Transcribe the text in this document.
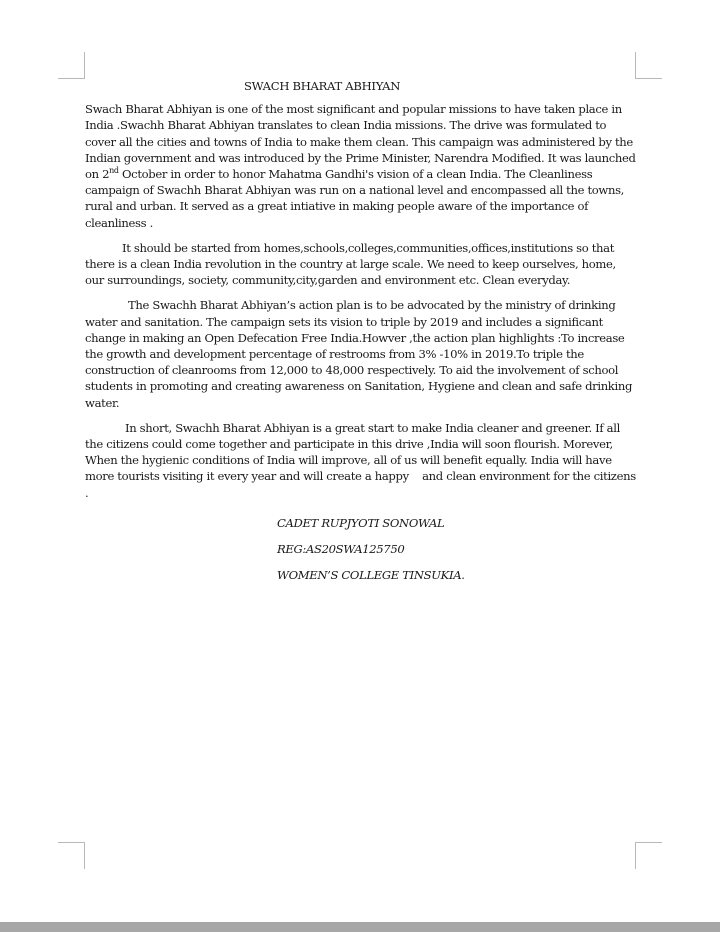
SWACH BHARAT ABHIYAN

Swach Bharat Abhiyan is one of the most significant and popular missions to have taken place in India .Swachh Bharat Abhiyan translates to clean India missions. The drive was formulated to cover all the cities and towns of India to make them clean. This campaign was administered by the Indian government and was introduced by the Prime Minister, Narendra Modified. It was launched on 2nd October in order to honor Mahatma Gandhi's vision of a clean India. The Cleanliness campaign of Swachh Bharat Abhiyan was run on a national level and encompassed all the towns, rural and urban. It served as a great intiative in making people aware of the importance of cleanliness .

It should be started from homes,schools,colleges,communities,offices,institutions so that there is a clean India revolution in the country at large scale. We need to keep ourselves, home, our surroundings, society, community,city,garden and environment etc. Clean everyday.

The Swachh Bharat Abhiyan’s action plan is to be advocated by the ministry of drinking water and sanitation. The campaign sets its vision to triple by 2019 and includes a significant change in making an Open Defecation Free India.Howver ,the action plan highlights :To increase the growth and development percentage of restrooms from 3% -10% in 2019.To triple the construction of cleanrooms from 12,000 to 48,000 respectively. To aid the involvement of school students in promoting and creating awareness on Sanitation, Hygiene and clean and safe drinking water.

In short, Swachh Bharat Abhiyan is a great start to make India cleaner and greener. If all the citizens could come together and participate in this drive ,India will soon flourish. Morever, When the hygienic conditions of India will improve, all of us will benefit equally. India will have more tourists visiting it every year and will create a happy    and clean environment for the citizens .

CADET RUPJYOTI SONOWAL
REG:AS20SWA125750
WOMEN’S COLLEGE TINSUKIA.
